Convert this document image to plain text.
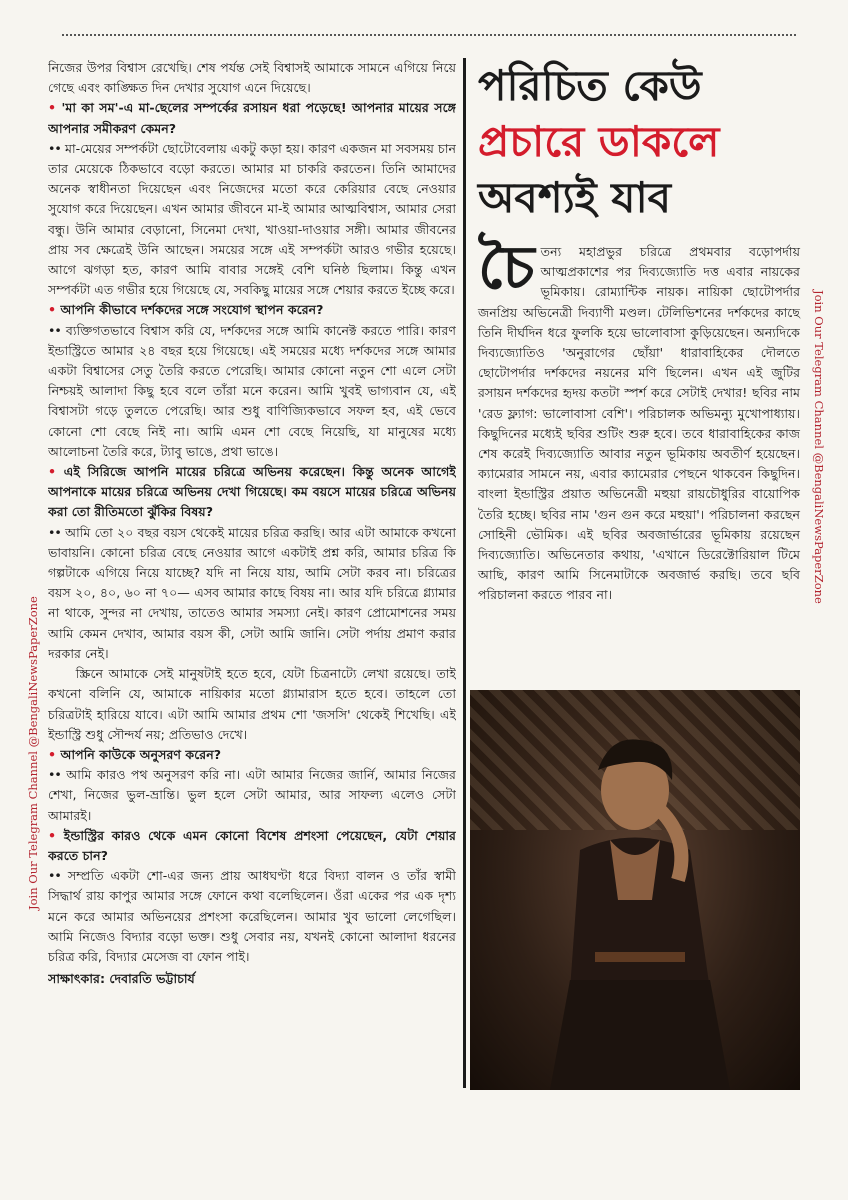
নিজের উপর বিশ্বাস রেখেছি। শেষ পর্যন্ত সেই বিশ্বাসই আমাকে সামনে এগিয়ে নিয়ে গেছে এবং কাঙ্ক্ষিত দিন দেখার সুযোগ এনে দিয়েছে।

• 'মা কা সম'-এ মা-ছেলের সম্পর্কের রসায়ন ধরা পড়েছে! আপনার মায়ের সঙ্গে আপনার সমীকরণ কেমন?

•• মা-মেয়ের সম্পর্কটা ছোটোবেলায় একটু কড়া হয়। কারণ একজন মা সবসময় চান তার মেয়েকে ঠিকভাবে বড়ো করতে। আমার মা চাকরি করতেন। তিনি আমাদের অনেক স্বাধীনতা দিয়েছেন এবং নিজেদের মতো করে কেরিয়ার বেছে নেওয়ার সুযোগ করে দিয়েছেন। এখন আমার জীবনে মা-ই আমার আত্মবিশ্বাস, আমার সেরা বন্ধু। উনি আমার বেড়ানো, সিনেমা দেখা, খাওয়া-দাওয়ার সঙ্গী। আমার জীবনের প্রায় সব ক্ষেত্রেই উনি আছেন। সময়ের সঙ্গে এই সম্পর্কটা আরও গভীর হয়েছে। আগে ঝগড়া হত, কারণ আমি বাবার সঙ্গেই বেশি ঘনিষ্ঠ ছিলাম। কিন্তু এখন সম্পর্কটা এত গভীর হয়ে গিয়েছে যে, সবকিছু মায়ের সঙ্গে শেয়ার করতে ইচ্ছে করে।

• আপনি কীভাবে দর্শকদের সঙ্গে সংযোগ স্থাপন করেন?

•• ব্যক্তিগতভাবে বিশ্বাস করি যে, দর্শকদের সঙ্গে আমি কানেক্ট করতে পারি। কারণ ইন্ডাস্ট্রিতে আমার ২৪ বছর হয়ে গিয়েছে। এই সময়ের মধ্যে দর্শকদের সঙ্গে আমার একটা বিশ্বাসের সেতু তৈরি করতে পেরেছি। আমার কোনো নতুন শো এলে সেটা নিশ্চয়ই আলাদা কিছু হবে বলে তাঁরা মনে করেন। আমি খুবই ভাগ্যবান যে, এই বিশ্বাসটা গড়ে তুলতে পেরেছি। আর শুধু বাণিজ্যিকভাবে সফল হব, এই ভেবে কোনো শো বেছে নিই না। আমি এমন শো বেছে নিয়েছি, যা মানুষের মধ্যে আলোচনা তৈরি করে, ট্যাবু ভাঙে, প্রথা ভাঙে।

• এই সিরিজে আপনি মায়ের চরিত্রে অভিনয় করেছেন। কিন্তু অনেক আগেই আপনাকে মায়ের চরিত্রে অভিনয় দেখা গিয়েছে। কম বয়সে মায়ের চরিত্রে অভিনয় করা তো রীতিমতো ঝুঁকির বিষয়?

•• আমি তো ২০ বছর বয়স থেকেই মায়ের চরিত্র করছি। আর এটা আমাকে কখনো ভাবায়নি। কোনো চরিত্র বেছে নেওয়ার আগে একটাই প্রশ্ন করি, আমার চরিত্র কি গল্পটাকে এগিয়ে নিয়ে যাচ্ছে? যদি না নিয়ে যায়, আমি সেটা করব না। চরিত্রের বয়স ২০, ৪০, ৬০ না ৭০— এসব আমার কাছে বিষয় না। আর যদি চরিত্রে গ্ল্যামার না থাকে, সুন্দর না দেখায়, তাতেও আমার সমস্যা নেই। কারণ প্রোমোশনের সময় আমি কেমন দেখাব, আমার বয়স কী, সেটা আমি জানি। সেটা পর্দায় প্রমাণ করার দরকার নেই।

স্ক্রিনে আমাকে সেই মানুষটাই হতে হবে, যেটা চিত্রনাট্যে লেখা রয়েছে। তাই কখনো বলিনি যে, আমাকে নায়িকার মতো গ্ল্যামারাস হতে হবে। তাহলে তো চরিত্রটাই হারিয়ে যাবে। এটা আমি আমার প্রথম শো 'জসসি' থেকেই শিখেছি। এই ইন্ডাস্ট্রি শুধু সৌন্দর্য নয়; প্রতিভাও দেখে।

• আপনি কাউকে অনুসরণ করেন?

•• আমি কারও পথ অনুসরণ করি না। এটা আমার নিজের জার্নি, আমার নিজের শেখা, নিজের ভুল-ভ্রান্তি। ভুল হলে সেটা আমার, আর সাফল্য এলেও সেটা আমারই।

• ইন্ডাস্ট্রির কারও থেকে এমন কোনো বিশেষ প্রশংসা পেয়েছেন, যেটা শেয়ার করতে চান?

•• সম্প্রতি একটা শো-এর জন্য প্রায় আধঘণ্টা ধরে বিদ্যা বালন ও তাঁর স্বামী সিদ্ধার্থ রায় কাপুর আমার সঙ্গে ফোনে কথা বলেছিলেন। ওঁরা একের পর এক দৃশ্য মনে করে আমার অভিনয়ের প্রশংসা করেছিলেন। আমার খুব ভালো লেগেছিল। আমি নিজেও বিদ্যার বড়ো ভক্ত। শুধু সেবার নয়, যখনই কোনো আলাদা ধরনের চরিত্র করি, বিদ্যার মেসেজ বা ফোন পাই।

সাক্ষাৎকার: দেবারতি ভট্টাচার্য

পরিচিত কেউ
প্রচারে ডাকলে
অবশ্যই যাব
চৈ তন্য মহাপ্রভুর চরিত্রে প্রথমবার বড়োপর্দায় আত্মপ্রকাশের পর দিব্যজ্যোতি দত্ত এবার নায়কের ভূমিকায়। রোম্যান্টিক নায়ক। নায়িকা ছোটোপর্দার জনপ্রিয় অভিনেত্রী দিব্যাণী মণ্ডল। টেলিভিশনের দর্শকদের কাছে তিনি দীর্ঘদিন ধরে ফুলকি হয়ে ভালোবাসা কুড়িয়েছেন। অন্যদিকে দিব্যজ্যোতিও 'অনুরাগের ছোঁয়া' ধারাবাহিকের দৌলতে ছোটোপর্দার দর্শকদের নয়নের মণি ছিলেন। এখন এই জুটির রসায়ন দর্শকদের হৃদয় কতটা স্পর্শ করে সেটাই দেখার! ছবির নাম 'রেড ফ্ল্যাগ: ভালোবাসা বেশি'। পরিচালক অভিমন্যু মুখোপাধ্যায়। কিছুদিনের মধ্যেই ছবির শুটিং শুরু হবে। তবে ধারাবাহিকের কাজ শেষ করেই দিব্যজ্যোতি আবার নতুন ভূমিকায় অবতীর্ণ হয়েছেন। ক্যামেরার সামনে নয়, এবার ক্যামেরার পেছনে থাকবেন কিছুদিন। বাংলা ইন্ডাস্ট্রির প্রয়াত অভিনেত্রী মহুয়া রায়চৌধুরির বায়োপিক তৈরি হচ্ছে। ছবির নাম 'গুন গুন করে মহুয়া'। পরিচালনা করছেন সোহিনী ভৌমিক। এই ছবির অবজার্ভারের ভূমিকায় রয়েছেন দিব্যজ্যোতি। অভিনেতার কথায়, 'এখানে ডিরেক্টোরিয়াল টিমে আছি, কারণ আমি সিনেমাটাকে অবজার্ভ করছি। তবে ছবি পরিচালনা করতে পারব না।	Join Our Telegram Channel @BengaliNewsPaperZone
Join Our Telegram Channel @BengaliNewsPaperZone
